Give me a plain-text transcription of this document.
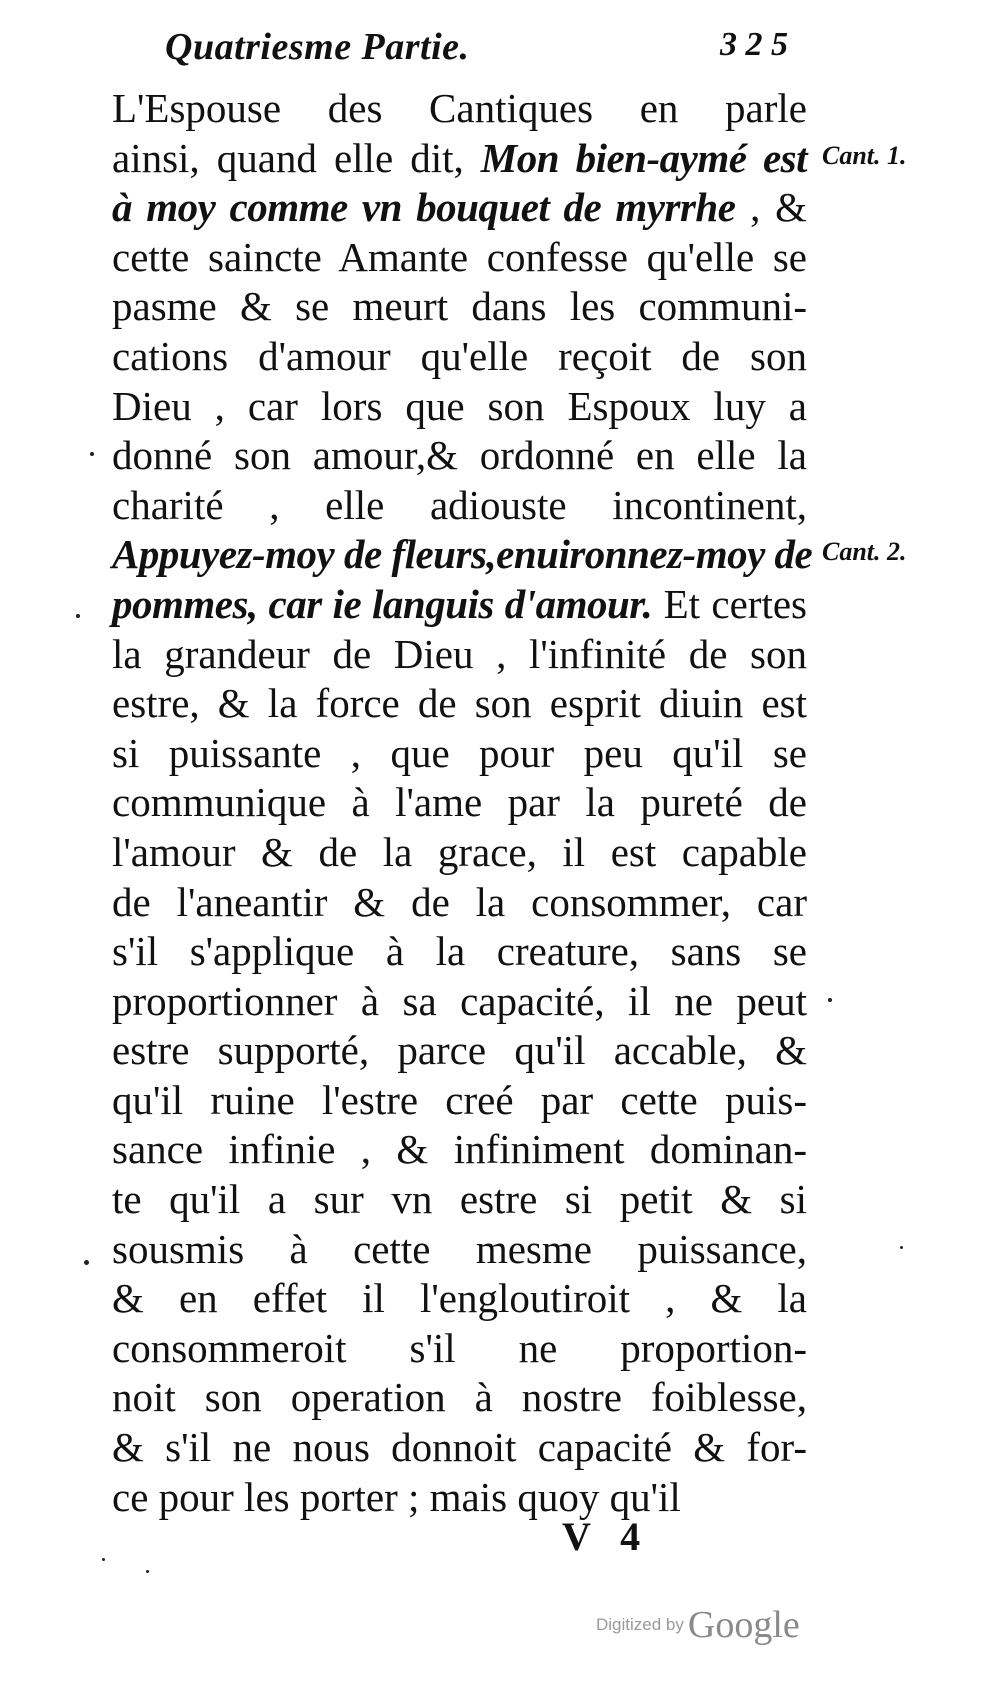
Quatriesme Partie.	3 2 5
Cant. 1.
Cant. 2.
L'Espouse des Cantiques en parle
ainsi, quand elle dit, Mon bien-aymé est
à moy comme vn bouquet de myrrhe , &
cette saincte Amante confesse qu'elle se
pasme & se meurt dans les communi-
cations d'amour qu'elle reçoit de son
Dieu , car lors que son Espoux luy a
donné son amour,& ordonné en elle la
charité , elle adiouste incontinent,
Appuyez-moy de fleurs,enuironnez-moy de
pommes, car ie languis d'amour. Et certes
la grandeur de Dieu , l'infinité de son
estre, & la force de son esprit diuin est
si puissante , que pour peu qu'il se
communique à l'ame par la pureté de
l'amour & de la grace, il est capable
de l'aneantir & de la consommer, car
s'il s'applique à la creature, sans se
proportionner à sa capacité, il ne peut
estre supporté, parce qu'il accable, &
qu'il ruine l'estre creé par cette puis-
sance infinie , & infiniment dominan-
te qu'il a sur vn estre si petit & si
sousmis à cette mesme puissance,
& en effet il l'engloutiroit , & la
consommeroit s'il ne proportion-
noit son operation à nostre foiblesse,
& s'il ne nous donnoit capacité & for-
ce pour les porter ; mais quoy qu'il
V 4
Digitized by Google
